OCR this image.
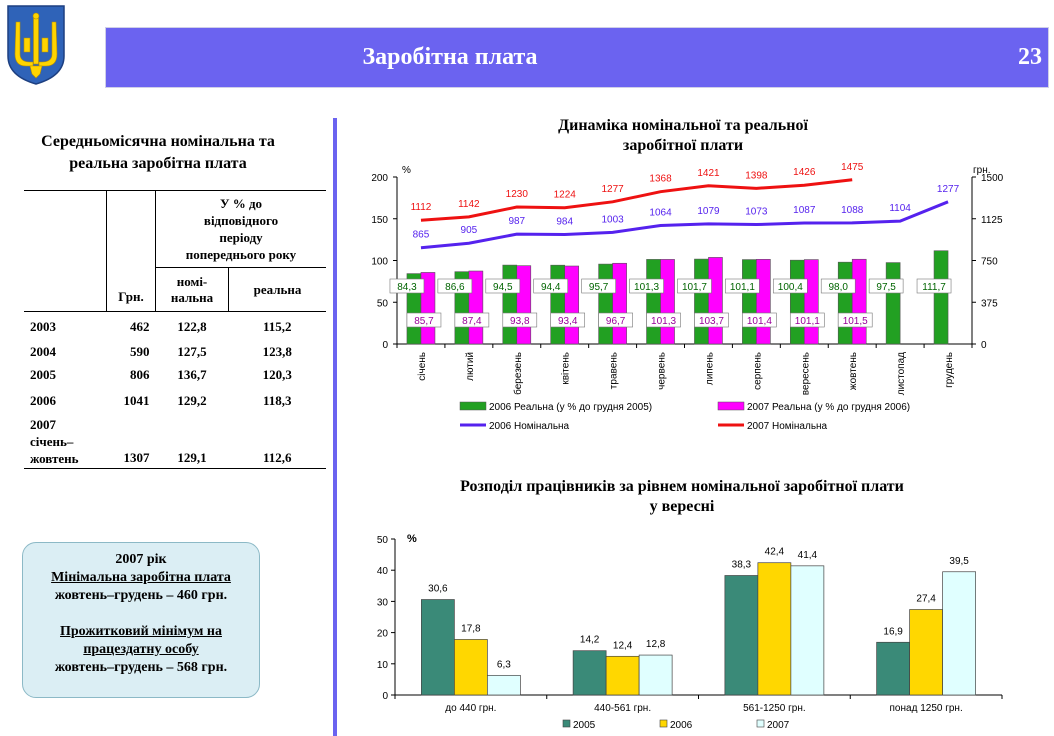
Заробітна плата	23
Середньомісячна номінальна та
реальна заробітна плата
	Грн.	У % до
відповідного
періоду
попереднього року	

		номі-
нальна	реальна

2003	462	122,8	115,2
2004	590	127,5	123,8
2005	806	136,7	120,3
2006	1041	129,2	118,3

2007
січень–
жовтень	1307	129,1	112,6
2007 рік
Мінімальна заробітна плата
жовтень–грудень – 460 грн.
Прожитковий мінімум на
працездатну особу
жовтень–грудень – 568 грн.
Динаміка номінальної та реальної
заробітної плати
0
50
100
150
200
0
375
750
1125
1500
%	грн.
січень	лютий	березень	квітень	травень	червень	липень	серпень	вересень	жовтень	листопад	грудень
84,3	86,6	94,5	94,4	95,7	101,3 101,7 101,1 100,4	98,0	97,5	111,7
85,7	87,4	93,8	93,4	96,7	101,3 103,7 101,4 101,1 101,5
865	905
987	984	1003
1064	1079	1073	1087	1088	1104
1277
1112	1142
1230	1224
1277
1368
1421	1398	1426	1475
2006 Реальна (у % до грудня 2005)	2007 Реальна (у % до грудня 2006)
2006 Номінальна	2007 Номінальна
Розподіл працівників за рівнем номінальної заробітної плати
у вересні
0
10
20
30
40
50 %
до 440 грн.
30,6
17,8
6,3
440-561 грн.
14,2
12,4 12,8
561-1250 грн.
38,3
42,4 41,4
понад 1250 грн.
16,9
27,4
39,5
2005	2006	2007
